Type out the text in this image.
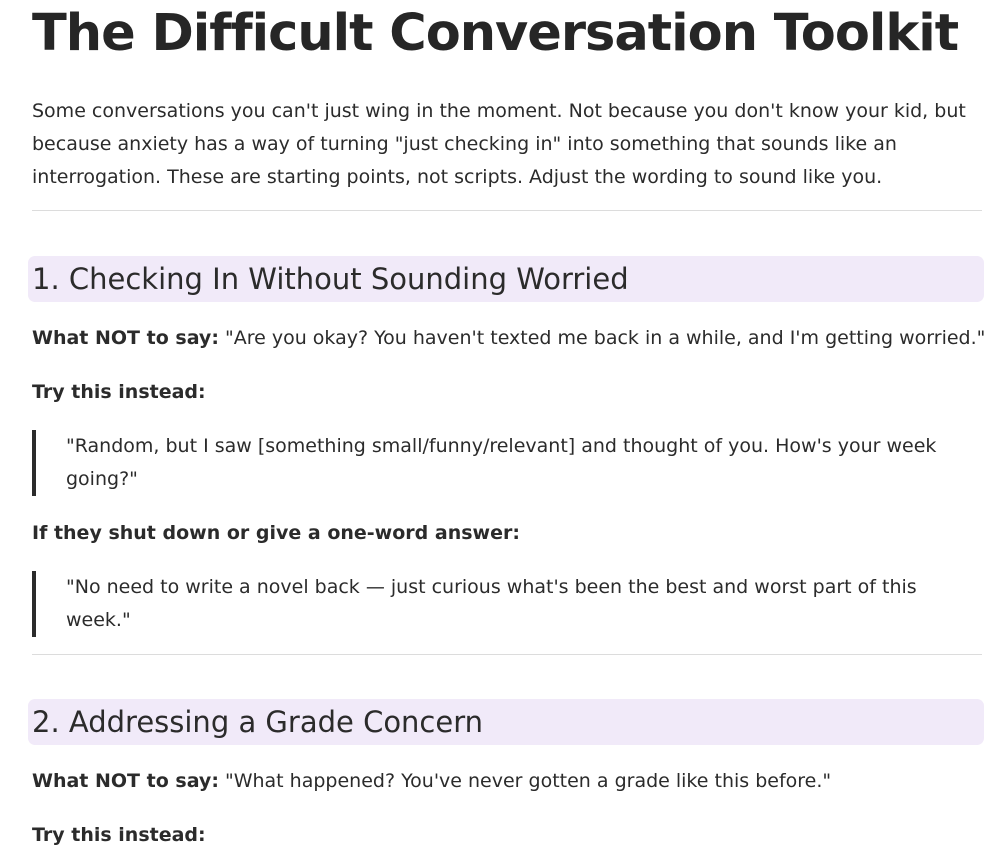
The Difficult Conversation Toolkit

Some conversations you can't just wing in the moment. Not because you don't know your kid, but because anxiety has a way of turning "just checking in" into something that sounds like an interrogation. These are starting points, not scripts. Adjust the wording to sound like you.

1. Checking In Without Sounding Worried

What NOT to say: "Are you okay? You haven't texted me back in a while, and I'm getting worried."

Try this instead:

"Random, but I saw [something small/funny/relevant] and thought of you. How's your week going?"

If they shut down or give a one-word answer:

"No need to write a novel back — just curious what's been the best and worst part of this week."
2. Addressing a Grade Concern

What NOT to say: "What happened? You've never gotten a grade like this before."

Try this instead:
